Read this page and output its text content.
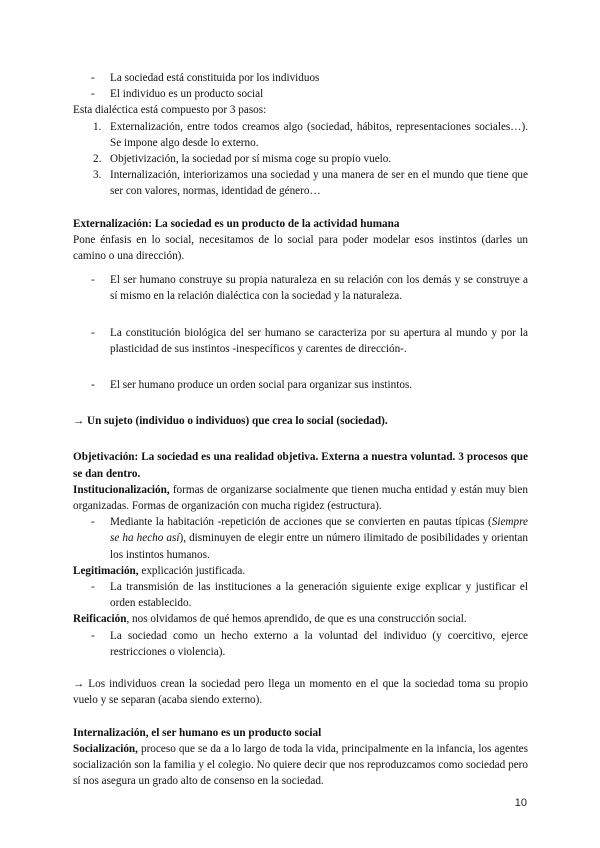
- La sociedad está constituida por los individuos
- El individuo es un producto social

Esta dialéctica está compuesto por 3 pasos:

1. Externalización, entre todos creamos algo (sociedad, hábitos, representaciones sociales…). Se impone algo desde lo externo.
2. Objetivización, la sociedad por sí misma coge su propio vuelo.
3. Internalización, interiorizamos una sociedad y una manera de ser en el mundo que tiene que ser con valores, normas, identidad de género…

Externalización: La sociedad es un producto de la actividad humana

Pone énfasis en lo social, necesitamos de lo social para poder modelar esos instintos (darles un camino o una dirección).

- El ser humano construye su propia naturaleza en su relación con los demás y se construye a sí mismo en la relación dialéctica con la sociedad y la naturaleza.
- La constitución biológica del ser humano se caracteriza por su apertura al mundo y por la plasticidad de sus instintos -inespecíficos y carentes de dirección-.
- El ser humano produce un orden social para organizar sus instintos.

→ Un sujeto (individuo o individuos) que crea lo social (sociedad).

Objetivación: La sociedad es una realidad objetiva. Externa a nuestra voluntad. 3 procesos que se dan dentro.

Institucionalización, formas de organizarse socialmente que tienen mucha entidad y están muy bien organizadas. Formas de organización con mucha rigidez (estructura).

- Mediante la habitación -repetición de acciones que se convierten en pautas típicas (Siempre se ha hecho así), disminuyen de elegir entre un número ilimitado de posibilidades y orientan los instintos humanos.

Legitimación, explicación justificada.

- La transmisión de las instituciones a la generación siguiente exige explicar y justificar el orden establecido.

Reificación, nos olvidamos de qué hemos aprendido, de que es una construcción social.

- La sociedad como un hecho externo a la voluntad del individuo (y coercitivo, ejerce restricciones o violencia).

→ Los individuos crean la sociedad pero llega un momento en el que la sociedad toma su propio vuelo y se separan (acaba siendo externo).

Internalización, el ser humano es un producto social

Socialización, proceso que se da a lo largo de toda la vida, principalmente en la infancia, los agentes socialización son la familia y el colegio. No quiere decir que nos reproduzcamos como sociedad pero sí nos asegura un grado alto de consenso en la sociedad.

10
